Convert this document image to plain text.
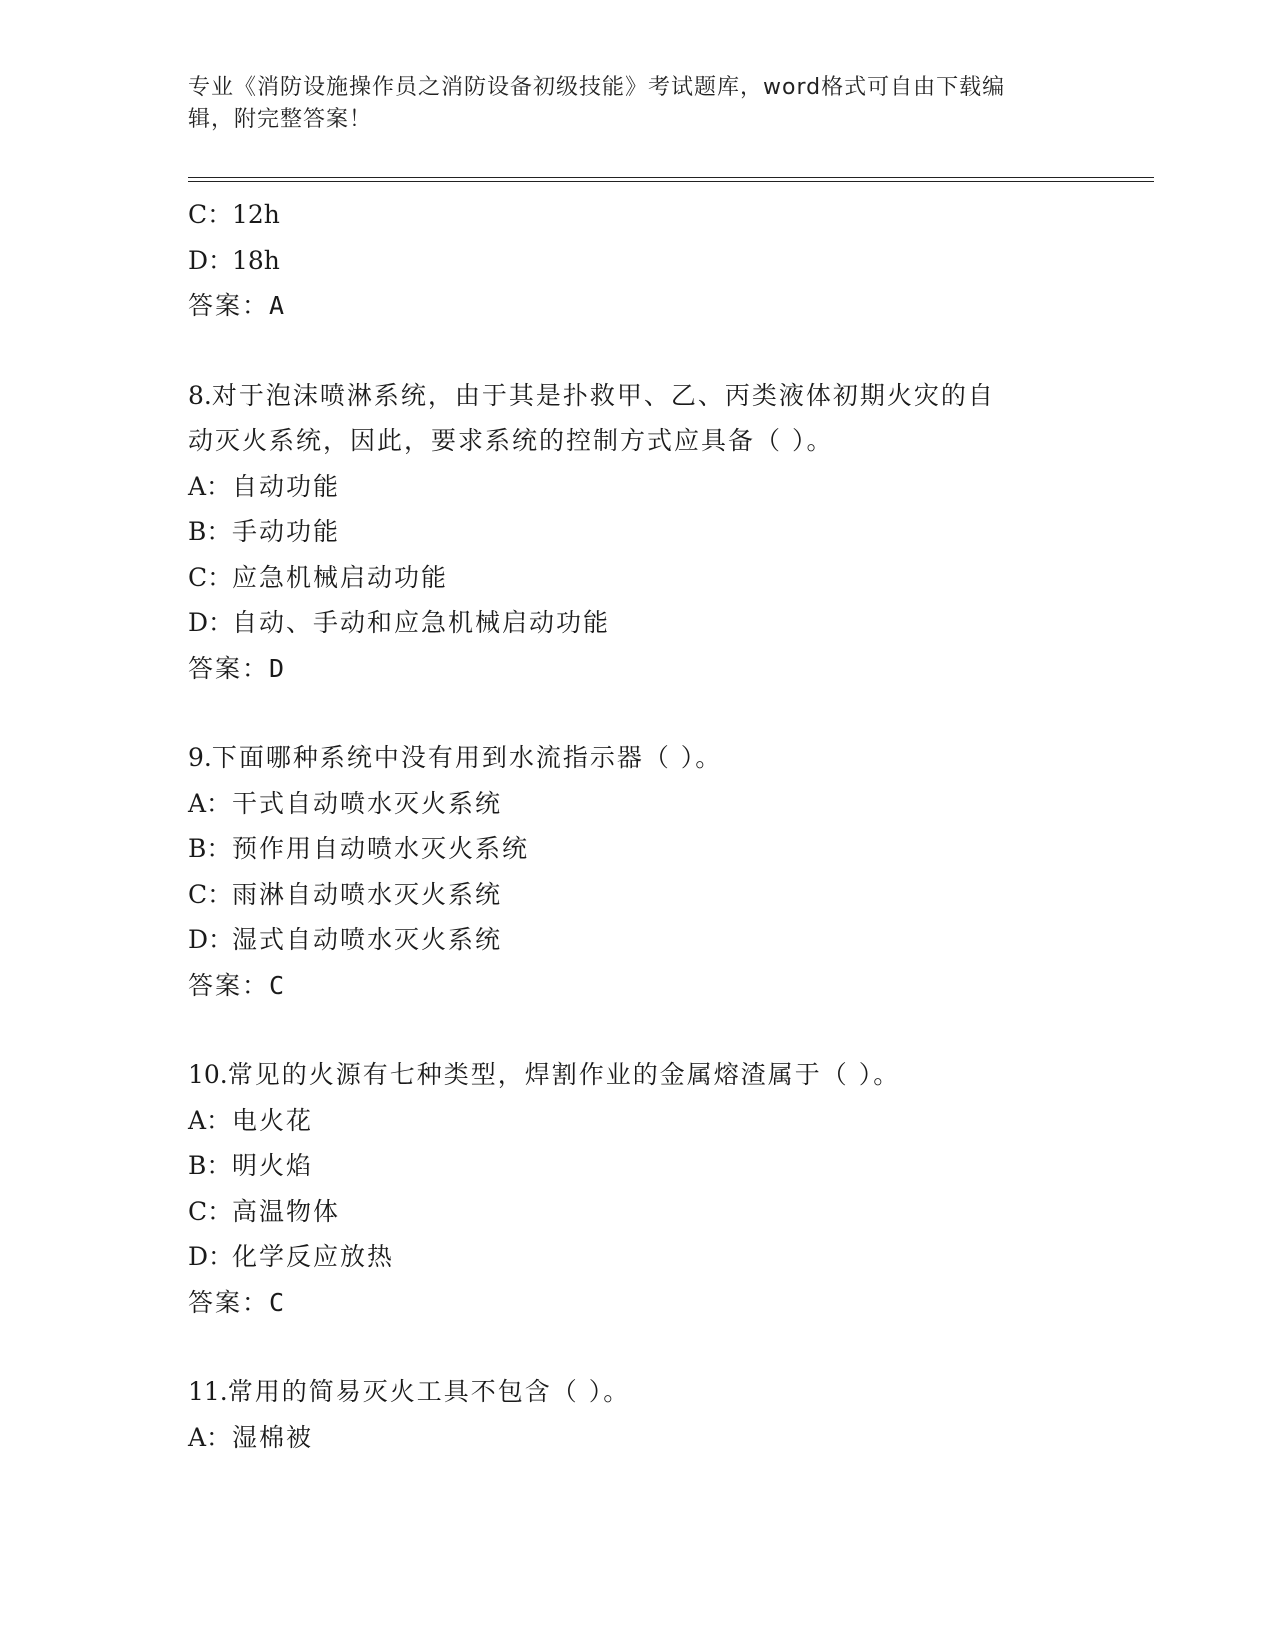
专业《消防设施操作员之消防设备初级技能》考试题库，word格式可自由下载编
辑，附完整答案！
C：12h
D：18h
答案：A
8.对于泡沫喷淋系统，由于其是扑救甲、乙、丙类液体初期火灾的自
动灭火系统，因此，要求系统的控制方式应具备（ ）。
A：自动功能
B：手动功能
C：应急机械启动功能
D：自动、手动和应急机械启动功能
答案：D
9.下面哪种系统中没有用到水流指示器（ ）。
A：干式自动喷水灭火系统
B：预作用自动喷水灭火系统
C：雨淋自动喷水灭火系统
D：湿式自动喷水灭火系统
答案：C
10.常见的火源有七种类型，焊割作业的金属熔渣属于（ ）。
A：电火花
B：明火焰
C：高温物体
D：化学反应放热
答案：C
11.常用的简易灭火工具不包含（ ）。
A：湿棉被
